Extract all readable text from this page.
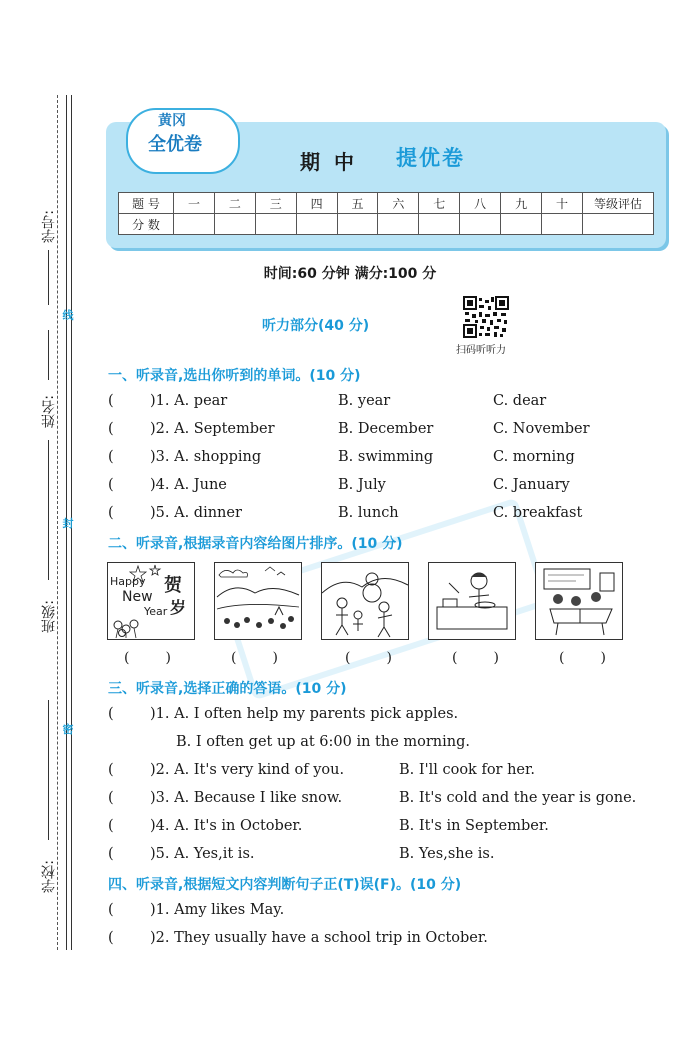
学号:
姓名:
班级:
学校:
线
封
密
黄冈
全优卷
期中 提优卷
题 号	一	二	三	四	五	六	七	八	九	十	等级评估
分 数											
时间:60 分钟 满分:100 分
听力部分(40 分)
扫码听听力
一、听录音,选出你听到的单词。(10 分)
(	)1. A. pear	B. year	C. dear
(	)2. A. September	B. December	C. November
(	)3. A. shopping	B. swimming	C. morning
(	)4. A. June	B. July	C. January
(	)5. A. dinner	B. lunch	C. breakfast
二、听录音,根据录音内容给图片排序。(10 分)
Happy
New
Year
贺
岁
(	)	(	)	(	)	(	)	(	)
三、听录音,选择正确的答语。(10 分)
(	)1. A. I often help my parents pick apples.
B. I often get up at 6:00 in the morning.
(	)2. A. It's very kind of you.	B. I'll cook for her.
(	)3. A. Because I like snow.	B. It's cold and the year is gone.
(	)4. A. It's in October.	B. It's in September.
(	)5. A. Yes,it is.	B. Yes,she is.
四、听录音,根据短文内容判断句子正(T)误(F)。(10 分)
(	)1. Amy likes May.
(	)2. They usually have a school trip in October.
